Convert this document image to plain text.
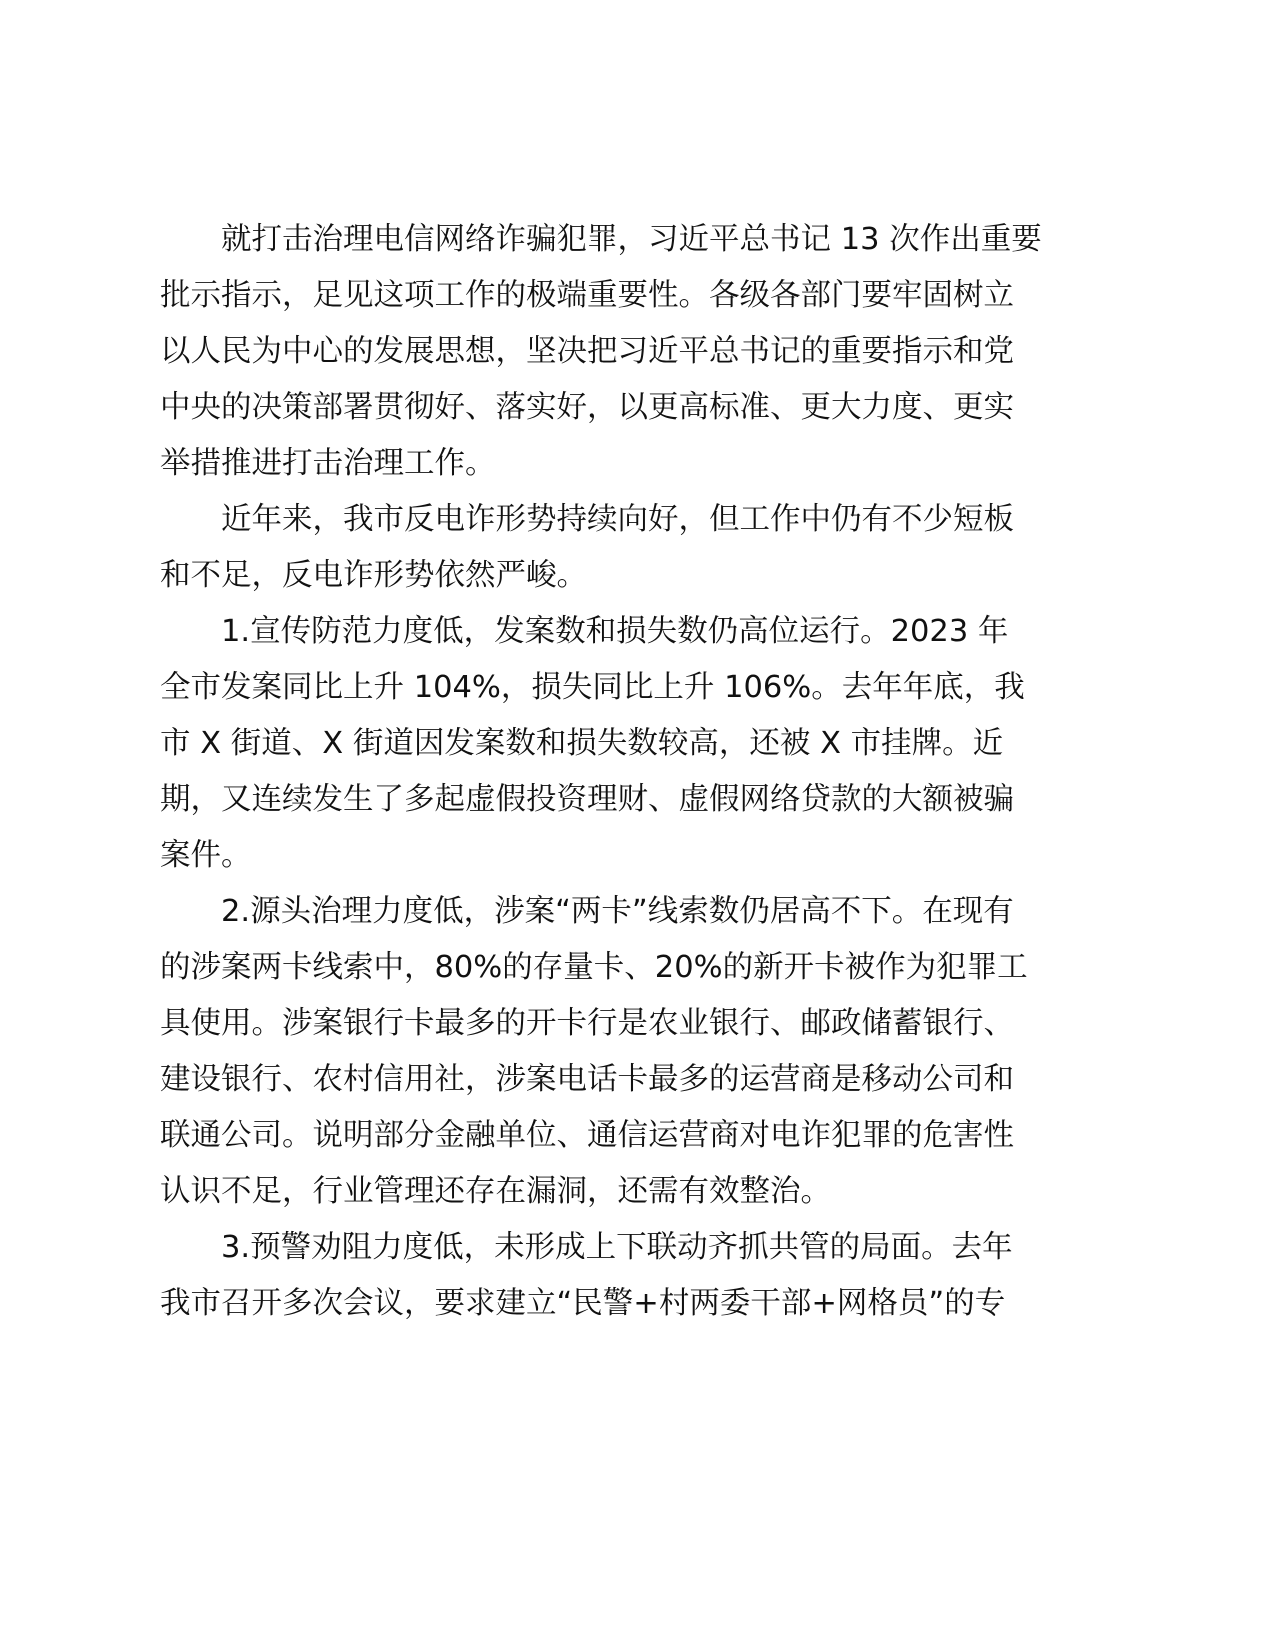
就打击治理电信网络诈骗犯罪，习近平总书记 13 次作出重要
批示指示，足见这项工作的极端重要性。各级各部门要牢固树立
以人民为中心的发展思想，坚决把习近平总书记的重要指示和党
中央的决策部署贯彻好、落实好，以更高标准、更大力度、更实
举措推进打击治理工作。
近年来，我市反电诈形势持续向好，但工作中仍有不少短板
和不足，反电诈形势依然严峻。
1.宣传防范力度低，发案数和损失数仍高位运行。2023 年
全市发案同比上升 104%，损失同比上升 106%。去年年底，我
市 X 街道、X 街道因发案数和损失数较高，还被 X 市挂牌。近
期，又连续发生了多起虚假投资理财、虚假网络贷款的大额被骗
案件。
2.源头治理力度低，涉案“两卡”线索数仍居高不下。在现有
的涉案两卡线索中，80%的存量卡、20%的新开卡被作为犯罪工
具使用。涉案银行卡最多的开卡行是农业银行、邮政储蓄银行、
建设银行、农村信用社，涉案电话卡最多的运营商是移动公司和
联通公司。说明部分金融单位、通信运营商对电诈犯罪的危害性
认识不足，行业管理还存在漏洞，还需有效整治。
3.预警劝阻力度低，未形成上下联动齐抓共管的局面。去年
我市召开多次会议，要求建立“民警+村两委干部+网格员”的专
